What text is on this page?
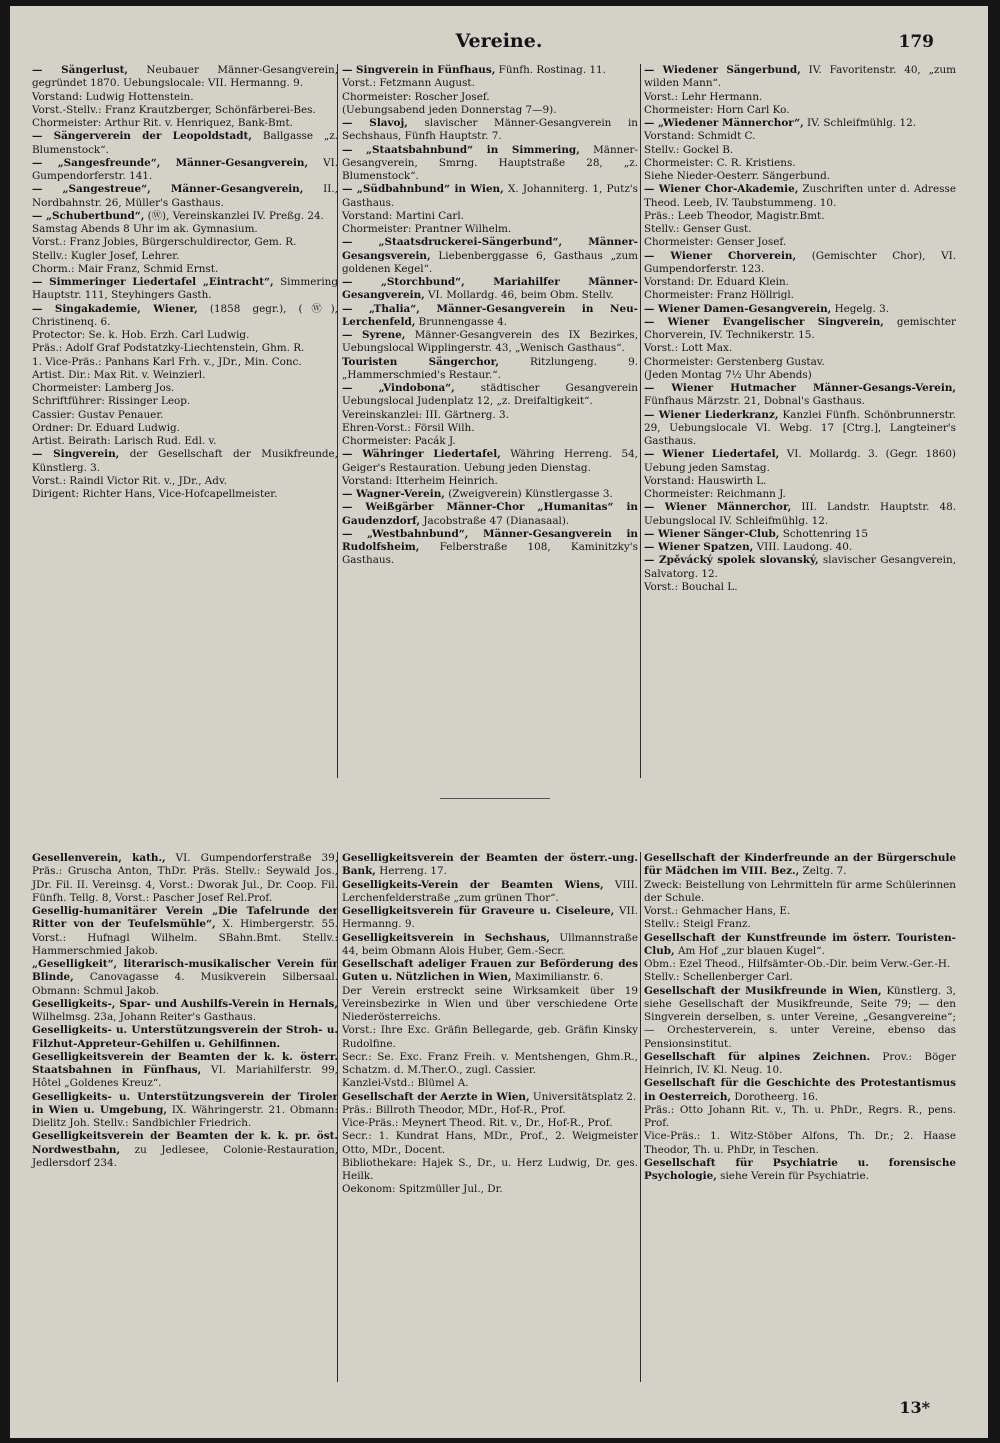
Vereine.	179

— Sängerlust, Neubauer Männer-Gesangverein, gegründet 1870. Uebungslocale: VII. Hermanng. 9.

Vorstand: Ludwig Hottenstein.

Vorst.-Stellv.: Franz Krautzberger, Schönfärberei-Bes.

Chormeister: Arthur Rit. v. Henriquez, Bank-Bmt.

— Sängerverein der Leopoldstadt, Ballgasse „z. Blumenstock“.

— „Sangesfreunde“, Männer-Gesangverein, VI. Gumpendorferstr. 141.

— „Sangestreue“, Männer-Gesangverein, II., Nordbahnstr. 26, Müller's Gasthaus.

— „Schubertbund“, (Ⓦ), Vereinskanzlei IV. Preßg. 24.

Samstag Abends 8 Uhr im ak. Gymnasium.

Vorst.: Franz Jobies, Bürgerschuldirector, Gem. R.

Stellv.: Kugler Josef, Lehrer.

Chorm.: Mair Franz, Schmid Ernst.

— Simmeringer Liedertafel „Eintracht“, Simmering Hauptstr. 111, Steyhingers Gasth.

— Singakademie, Wiener, (1858 gegr.), (Ⓦ), Christinenq. 6.

Protector: Se. k. Hob. Erzh. Carl Ludwig.

Präs.: Adolf Graf Podstatzky-Liechtenstein, Ghm. R.

1. Vice-Präs.: Panhans Karl Frh. v., JDr., Min. Conc.

Artist. Dir.: Max Rit. v. Weinzierl.

Chormeister: Lamberg Jos.

Schriftführer: Rissinger Leop.

Cassier: Gustav Penauer.

Ordner: Dr. Eduard Ludwig.

Artist. Beirath: Larisch Rud. Edl. v.

— Singverein, der Gesellschaft der Musikfreunde, Künstlerg. 3.

Vorst.: Raindl Victor Rit. v., JDr., Adv.

Dirigent: Richter Hans, Vice-Hofcapellmeister.

— Singverein in Fünfhaus, Fünfh. Rostinag. 11.

Vorst.: Fetzmann August.

Chormeister: Roscher Josef.

(Uebungsabend jeden Donnerstag 7—9).

— Slavoj, slavischer Männer-Gesangverein in Sechshaus, Fünfh Hauptstr. 7.

— „Staatsbahnbund“ in Simmering, Männer-Gesangverein, Smrng. Hauptstraße 28, „z. Blumenstock“.

— „Südbahnbund“ in Wien, X. Johanniterg. 1, Putz's Gasthaus.

Vorstand: Martini Carl.

Chormeister: Prantner Wilhelm.

— „Staatsdruckerei-Sängerbund“, Männer-Gesangsverein, Liebenberggasse 6, Gasthaus „zum goldenen Kegel“.

— „Storchbund“, Mariahilfer Männer-Gesangverein, VI. Mollardg. 46, beim Obm. Stellv.

— „Thalia“, Männer-Gesangverein in Neu-Lerchenfeld, Brunnengasse 4.

— Syrene, Männer-Gesangverein des IX Bezirkes, Uebungslocal Wipplingerstr. 43, „Wenisch Gasthaus“.

Touristen Sängerchor, Ritzlungeng. 9. „Hammerschmied's Restaur.“.

— „Vindobona“, städtischer Gesangverein Uebungslocal Judenplatz 12, „z. Dreifaltigkeit“.

Vereinskanzlei: III. Gärtnerg. 3.

Ehren-Vorst.: Försil Wilh.

Chormeister: Pacák J.

— Währinger Liedertafel, Währing Herreng. 54, Geiger's Restauration. Uebung jeden Dienstag.

Vorstand: Itterheim Heinrich.

— Wagner-Verein, (Zweigverein) Künstlergasse 3.

— Weißgärber Männer-Chor „Humanitas“ in Gaudenzdorf, Jacobstraße 47 (Dianasaal).

— „Westbahnbund“, Männer-Gesangverein in Rudolfsheim, Felberstraße 108, Kaminitzky's Gasthaus.

— Wiedener Sängerbund, IV. Favoritenstr. 40, „zum wilden Mann“.

Vorst.: Lehr Hermann.

Chormeister: Horn Carl Ko.

— „Wiedener Männerchor“, IV. Schleifmühlg. 12.

Vorstand: Schmidt C.

Stellv.: Gockel B.

Chormeister: C. R. Kristiens.

Siehe Nieder-Oesterr. Sängerbund.

— Wiener Chor-Akademie, Zuschriften unter d. Adresse Theod. Leeb, IV. Taubstummeng. 10.

Präs.: Leeb Theodor, Magistr.Bmt.

Stellv.: Genser Gust.

Chormeister: Genser Josef.

— Wiener Chorverein, (Gemischter Chor), VI. Gumpendorferstr. 123.

Vorstand: Dr. Eduard Klein.

Chormeister: Franz Höllrigl.

— Wiener Damen-Gesangverein, Hegelg. 3.

— Wiener Evangelischer Singverein, gemischter Chorverein, IV. Technikerstr. 15.

Vorst.: Lott Max.

Chormeister: Gerstenberg Gustav.

(Jeden Montag 7½ Uhr Abends)

— Wiener Hutmacher Männer-Gesangs-Verein, Fünfhaus Märzstr. 21, Dobnal's Gasthaus.

— Wiener Liederkranz, Kanzlei Fünfh. Schönbrunnerstr. 29, Uebungslocale VI. Webg. 17 [Ctrg.], Langteiner's Gasthaus.

— Wiener Liedertafel, VI. Mollardg. 3. (Gegr. 1860) Uebung jeden Samstag.

Vorstand: Hauswirth L.

Chormeister: Reichmann J.

— Wiener Männerchor, III. Landstr. Hauptstr. 48. Uebungslocal IV. Schleifmühlg. 12.

— Wiener Sänger-Club, Schottenring 15

— Wiener Spatzen, VIII. Laudong. 40.

— Zpěvácký spolek slovanský, slavischer Gesangverein, Salvatorg. 12.

Vorst.: Bouchal L.

Gesellenverein, kath., VI. Gumpendorferstraße 39, Präs.: Gruscha Anton, ThDr. Präs. Stellv.: Seywald Jos., JDr. Fil. II. Vereinsg. 4, Vorst.: Dworak Jul., Dr. Coop. Fil. Fünfh. Tellg. 8, Vorst.: Pascher Josef Rel.Prof.

Gesellig-humanitärer Verein „Die Tafelrunde der Ritter von der Teufelsmühle“, X. Himbergerstr. 55. Vorst.: Hufnagl Wilhelm. SBahn.Bmt. Stellv.: Hammerschmied Jakob.

„Geselligkeit“, literarisch-musikalischer Verein für Blinde, Canovagasse 4. Musikverein Silbersaal. Obmann: Schmul Jakob.

Geselligkeits-, Spar- und Aushilfs-Verein in Hernals, Wilhelmsg. 23a, Johann Reiter's Gasthaus.

Geselligkeits- u. Unterstützungsverein der Stroh- u. Filzhut-Appreteur-Gehilfen u. Gehilfinnen.

Geselligkeitsverein der Beamten der k. k. österr. Staatsbahnen in Fünfhaus, VI. Mariahilferstr. 99, Hôtel „Goldenes Kreuz“.

Geselligkeits- u. Unterstützungsverein der Tiroler in Wien u. Umgebung, IX. Währingerstr. 21. Obmann: Dielitz Joh. Stellv.: Sandbichler Friedrich.

Geselligkeitsverein der Beamten der k. k. pr. öst. Nordwestbahn, zu Jedlesee, Colonie-Restauration, Jedlersdorf 234.

Geselligkeitsverein der Beamten der österr.-ung. Bank, Herreng. 17.

Geselligkeits-Verein der Beamten Wiens, VIII. Lerchenfelderstraße „zum grünen Thor“.

Geselligkeitsverein für Graveure u. Ciseleure, VII. Hermanng. 9.

Geselligkeitsverein in Sechshaus, Ullmannstraße 44, beim Obmann Alois Huber, Gem.-Secr.

Gesellschaft adeliger Frauen zur Beförderung des Guten u. Nützlichen in Wien, Maximilianstr. 6.

Der Verein erstreckt seine Wirksamkeit über 19 Vereinsbezirke in Wien und über verschiedene Orte Niederösterreichs.

Vorst.: Ihre Exc. Gräfin Bellegarde, geb. Gräfin Kinsky Rudolfine.

Secr.: Se. Exc. Franz Freih. v. Mentshengen, Ghm.R., Schatzm. d. M.Ther.O., zugl. Cassier.

Kanzlei-Vstd.: Blümel A.

Gesellschaft der Aerzte in Wien, Universitätsplatz 2.

Präs.: Billroth Theodor, MDr., Hof-R., Prof.

Vice-Präs.: Meynert Theod. Rit. v., Dr., Hof-R., Prof.

Secr.: 1. Kundrat Hans, MDr., Prof., 2. Weigmeister Otto, MDr., Docent.

Bibliothekare: Hajek S., Dr., u. Herz Ludwig, Dr. ges. Heilk.

Oekonom: Spitzmüller Jul., Dr.

Gesellschaft der Kinderfreunde an der Bürgerschule für Mädchen im VIII. Bez., Zeltg. 7.

Zweck: Beistellung von Lehrmitteln für arme Schülerinnen der Schule.

Vorst.: Gehmacher Hans, E.

Stellv.: Steigl Franz.

Gesellschaft der Kunstfreunde im österr. Touristen-Club, Am Hof „zur blauen Kugel“.

Obm.: Ezel Theod., Hilfsämter-Ob.-Dir. beim Verw.-Ger.-H.

Stellv.: Schellenberger Carl.

Gesellschaft der Musikfreunde in Wien, Künstlerg. 3, siehe Gesellschaft der Musikfreunde, Seite 79; — den Singverein derselben, s. unter Vereine, „Gesangvereine“; — Orchesterverein, s. unter Vereine, ebenso das Pensionsinstitut.

Gesellschaft für alpines Zeichnen. Prov.: Böger Heinrich, IV. Kl. Neug. 10.

Gesellschaft für die Geschichte des Protestantismus in Oesterreich, Dorotheerg. 16.

Präs.: Otto Johann Rit. v., Th. u. PhDr., Regrs. R., pens. Prof.

Vice-Präs.: 1. Witz-Stöber Alfons, Th. Dr.; 2. Haase Theodor, Th. u. PhDr, in Teschen.

Gesellschaft für Psychiatrie u. forensische Psychologie, siehe Verein für Psychiatrie.

13*
